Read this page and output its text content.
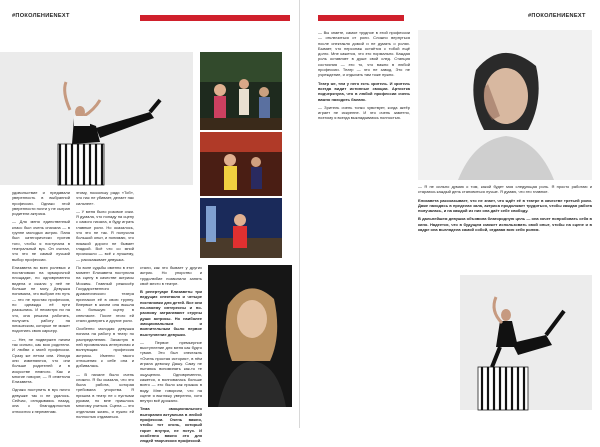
#ПОКОЛЕНИЕNEXT

удовольствие и предавали уверенность в выбранной профессии. Однако этой уверенности почти у не сыгран родители актриса.

— Для меня единственный класс был очень сначала — в группе молодых актрис. Папа был категорически против того, чтобы я поступала в театральный вуз. Он считал, что это не самый лучший выбор профессии.

Елизавета во всех ролевых и постановках на ярмарочной площадке, но одновременно видела и сжала: у неё не больше не могу. Девушка понимала, что выбран ею путь — это не простая профессия, но однажды её пути разошлись. И несмотря ни на что, она решила работать, получить работу на юношеском, которые не может подогнать свою карьеру.

— Нет, не подвержен ничем так сильно, как моя родители. И любви к моей профессии. Сразу же летом или. Иногда они изменяются, что они больше родителей и в искусстве немного. Как и многие говорят, — Я отметила Елизавета.

Однако поступить в вуз ничто девушке так и не удалось. Сейчас, оглядываясь назад, она с благодарностью относится к переменам.

этому, поскольку ради «Тоб», что нас не убивает, делает нас сильнее».

— У меня было розовое очки. Я думала, что попаду на сцену с самого начала, я буду играть главные роли. Но оказалось, что это не так. Я получила большой опыт, и понимаю, что никакой дороги не бывает гладкой. Всё что со мной произошло — всё к лучшему, — рассказывает девушка.

По воле судьбы именно в этот момент Елизавета поступила на сцену в качестве актрисы Москвы. Главный режиссёр Государственного драматического театра пригласил её в свою труппу. Впервые в жизни она вышла на большую сцену в спектакле. После этого ей стали доверять и другие роли.

Особенно молодая девушка попала на работу в театр по распределению. Зачастую в ней проявлялась интересная и волнующая профессия актрисы. Именно такого отношения к себе она и добивалась.

— В начале было очень сложно. Я бы сказала, что это была работа, которая требовала упорства. Я пришла в театр не с пустыми руками, но мне пришлось многому учиться. Сцена — это отдельная жизнь, и нужно ей полностью отдаваться.

стали, как это бывает у других актрис. Но упорство и трудолюбие позволили занять своё место в театре.

В репертуаре Елизаветы три ведущих спектакля и четыре постановки для детей. Все они по-своему интересны и по-разному затрагивают струны души актрисы. Но наиболее эмоциональным и волнительным было первое выступление девушки.

— Первое премьерное выступление для меня как будто туман. Это был спектакль «Очень простая история», в нём играла девочку Дашу. Саму не пытаюсь вспоминать как-то те ощущения. Одновременно, кажется, я волновалась больше всего — это было как прыжок в воду. Мне говорили, что на сцене я выгляжу уверенно, хотя внутри всё дрожало.

Тема эмоционального выгорания актуальна в любой профессии. Очень важно, чтобы тот огонь, который горит внутри, не потух. И особенно важно это для людей творческих профессий.

#ПОКОЛЕНИЕNEXT

— Вы знаете, самое трудное в этой профессии — отключиться от роли. Сложно вернуться после спектакля домой и не думать о ролях. Бывает, что персонаж остаётся с тобой ещё долго. Мне кажется, что это нормально. Каждая роль оставляет в душе свой след. Станция состояния — это то, что важно в любой профессии. Театр — это не завод. Это не учреждение, и отдыхать там тоже нужно.

Театр же, тем у него есть зритель. И зритель всегда видит истинные эмоции. Артистка подчеркнула, что в любой профессии очень важно находить баланс.

— Зритель очень тонко чувствует, когда актёр играет не искренне. И это очень заметно, поэтому я всегда выкладываюсь полностью.

— Я не сильно думаю о том, какой будет моя следующая роль. Я просто работаю и стараюсь каждый день становиться лучше. Я думаю, что это главное.

Елизавета рассказывает, что не знает, что ждёт её в театре в качестве третьей роли. Даже находясь в пределах зала, актриса продолжает трудиться, чтобы каждая работа получалась, и на каждой из них она даёт себе свободу.

В дальнейшем девушка объявила благородную цель — она хочет попробовать себя в кино. Надеется, что в будущем сможет использовать свой опыт, чтобы на сцене и в кадре она выглядела самой собой, отдавая всю себя ролям.
